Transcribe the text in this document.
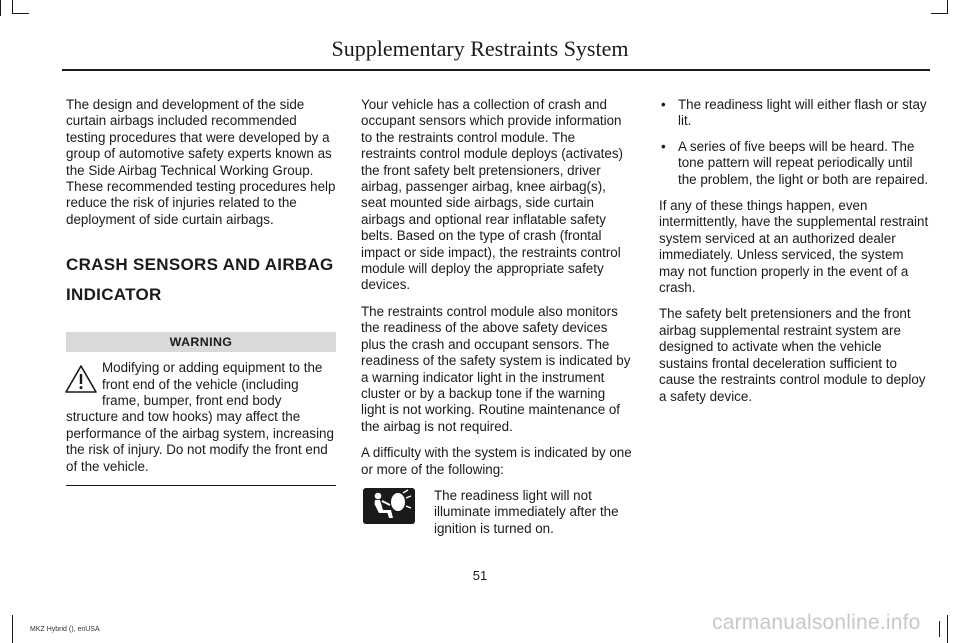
Supplementary Restraints System

The design and development of the side curtain airbags included recommended testing procedures that were developed by a group of automotive safety experts known as the Side Airbag Technical Working Group. These recommended testing procedures help reduce the risk of injuries related to the deployment of side curtain airbags.

CRASH SENSORS AND AIRBAG
INDICATOR
WARNING

Modifying or adding equipment to the front end of the vehicle (including frame, bumper, front end body structure and tow hooks) may affect the performance of the airbag system, increasing the risk of injury. Do not modify the front end of the vehicle.

Your vehicle has a collection of crash and occupant sensors which provide information to the restraints control module. The restraints control module deploys (activates) the front safety belt pretensioners, driver airbag, passenger airbag, knee airbag(s), seat mounted side airbags, side curtain airbags and optional rear inflatable safety belts. Based on the type of crash (frontal impact or side impact), the restraints control module will deploy the appropriate safety devices.

The restraints control module also monitors the readiness of the above safety devices plus the crash and occupant sensors. The readiness of the safety system is indicated by a warning indicator light in the instrument cluster or by a backup tone if the warning light is not working. Routine maintenance of the airbag is not required.

A difficulty with the system is indicated by one or more of the following:

The readiness light will not illuminate immediately after the ignition is turned on.

• The readiness light will either flash or stay lit.
• A series of five beeps will be heard. The tone pattern will repeat periodically until the problem, the light or both are repaired.

If any of these things happen, even intermittently, have the supplemental restraint system serviced at an authorized dealer immediately. Unless serviced, the system may not function properly in the event of a crash.

The safety belt pretensioners and the front airbag supplemental restraint system are designed to activate when the vehicle sustains frontal deceleration sufficient to cause the restraints control module to deploy a safety device.

51
MKZ Hybrid (), enUSA	carmanualsonline.info
